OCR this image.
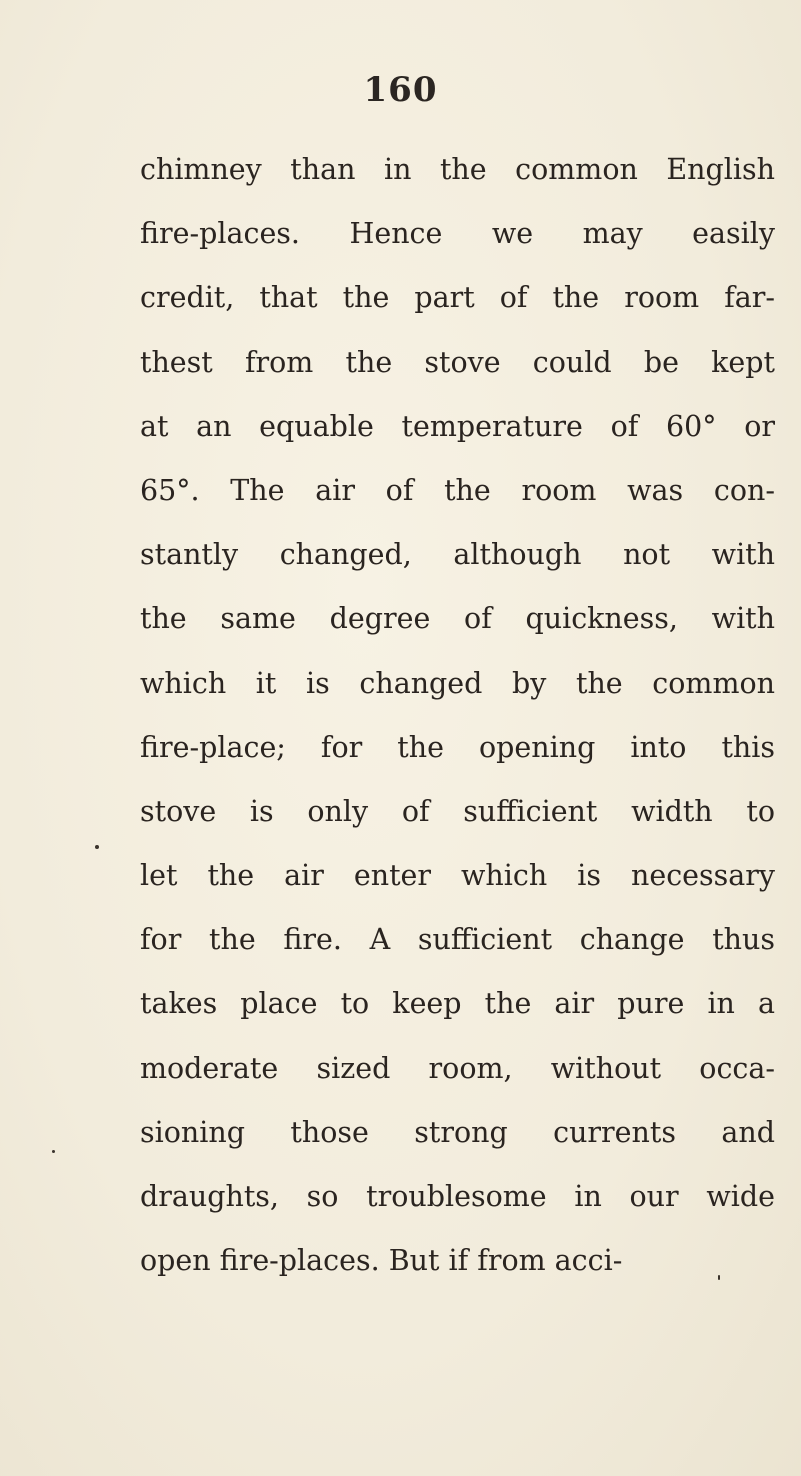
160
chimney than in the common English
fire-places. Hence we may easily
credit, that the part of the room far-
thest from the stove could be kept
at an equable temperature of 60° or
65°. The air of the room was con-
stantly changed, although not with
the same degree of quickness, with
which it is changed by the common
fire-place; for the opening into this
stove is only of sufficient width to
let the air enter which is necessary
for the fire. A sufficient change thus
takes place to keep the air pure in a
moderate sized room, without occa-
sioning those strong currents and
draughts, so troublesome in our wide
open fire-places. But if from acci-
